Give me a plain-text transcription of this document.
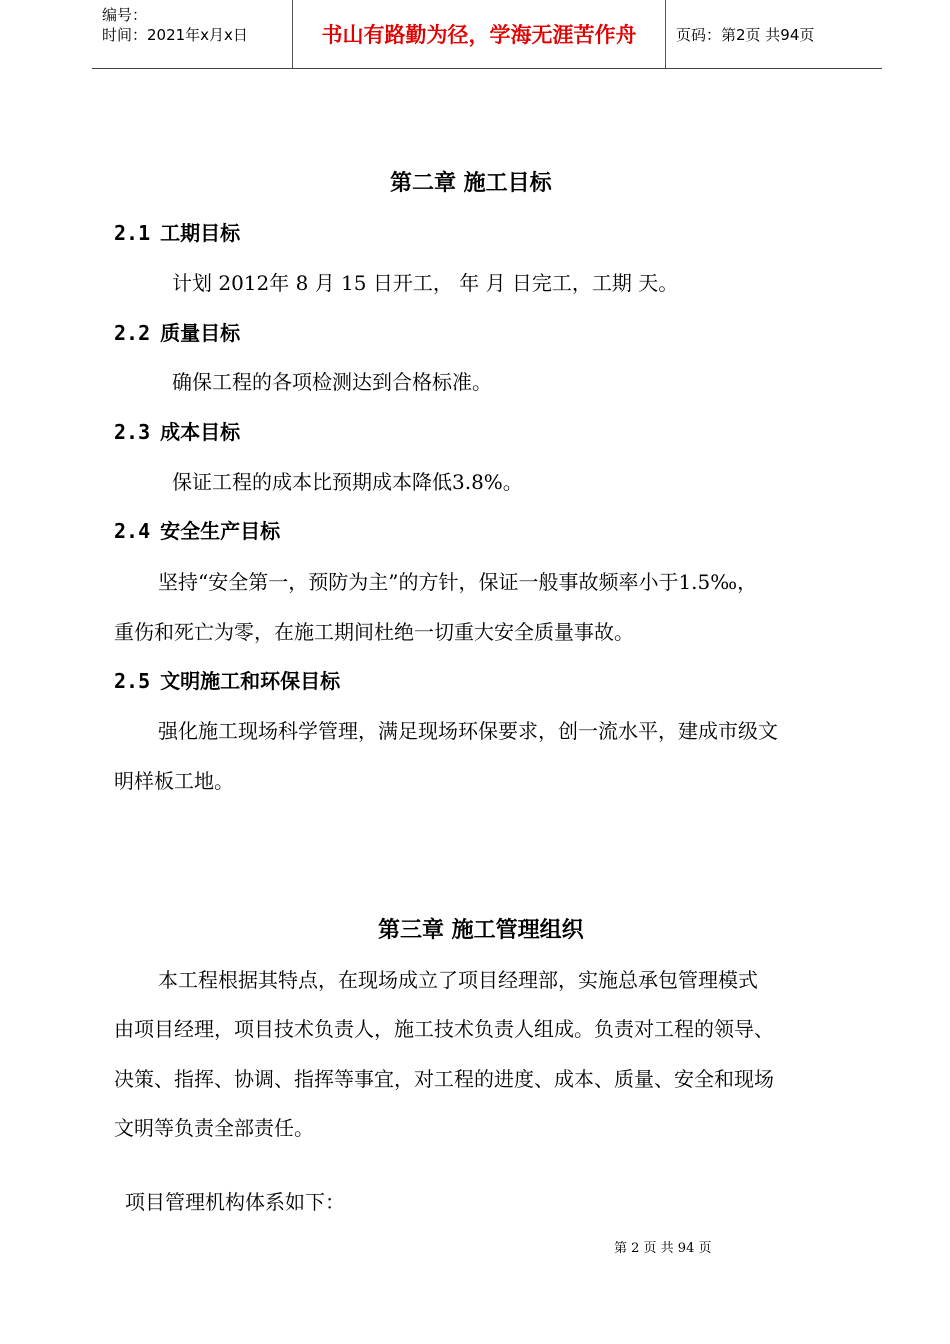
编号：
时间：2021年x月x日	书山有路勤为径，学海无涯苦作舟	页码：第2页 共94页
第二章 施工目标
2.1 工期目标
计划 2012年 8 月 15 日开工， 年 月 日完工，工期 天。
2.2 质量目标
确保工程的各项检测达到合格标准。
2.3 成本目标
保证工程的成本比预期成本降低3.8%。
2.4 安全生产目标
坚持“安全第一，预防为主”的方针，保证一般事故频率小于1.5‰，
重伤和死亡为零，在施工期间杜绝一切重大安全质量事故。
2.5 文明施工和环保目标
强化施工现场科学管理，满足现场环保要求，创一流水平，建成市级文
明样板工地。
第三章 施工管理组织
本工程根据其特点，在现场成立了项目经理部，实施总承包管理模式
由项目经理，项目技术负责人，施工技术负责人组成。负责对工程的领导、
决策、指挥、协调、指挥等事宜，对工程的进度、成本、质量、安全和现场
文明等负责全部责任。
项目管理机构体系如下：
第 2 页 共 94 页
